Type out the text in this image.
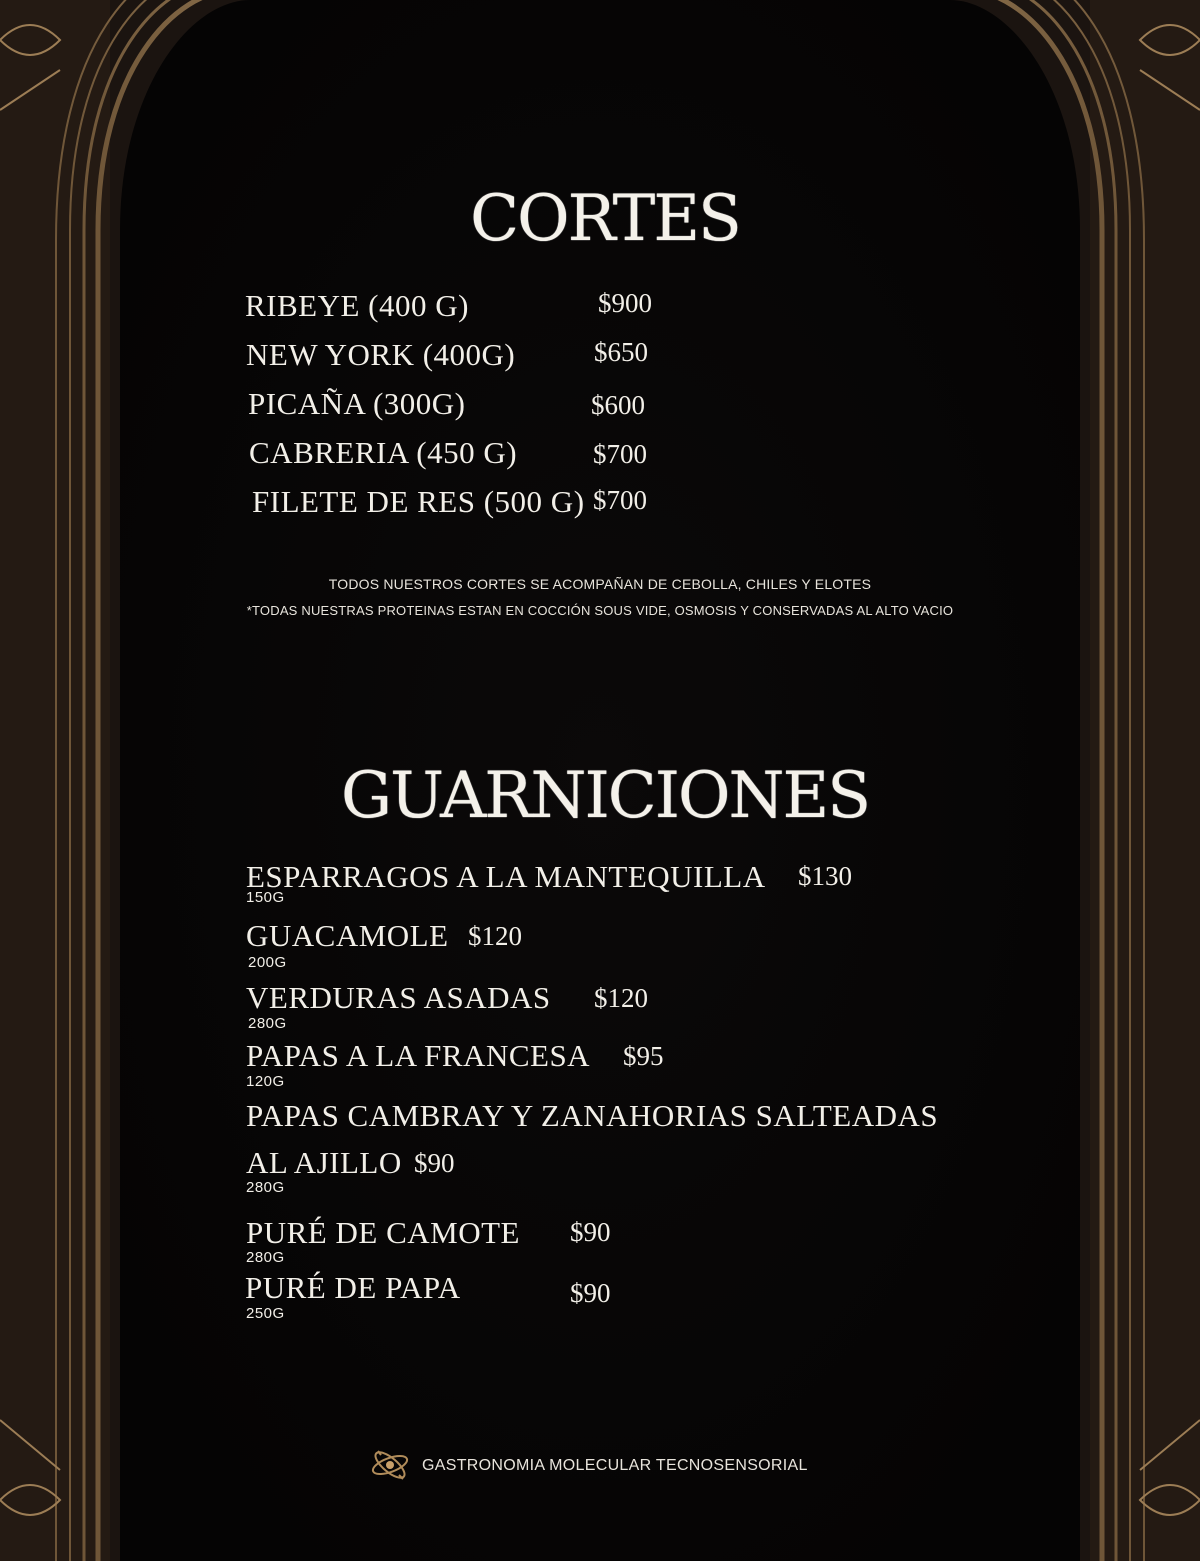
CORTES
RIBEYE (400 G)	$900
NEW YORK (400G)	$650
PICAÑA (300G)	$600
CABRERIA (450 G)	$700
FILETE DE RES (500 G) $700
TODOS NUESTROS CORTES SE ACOMPAÑAN DE CEBOLLA, CHILES Y ELOTES
*TODAS NUESTRAS PROTEINAS ESTAN EN COCCIÓN SOUS VIDE, OSMOSIS Y CONSERVADAS AL ALTO VACIO
GUARNICIONES
ESPARRAGOS A LA MANTEQUILLA $130
150G
GUACAMOLE $120
200G
VERDURAS ASADAS $120
280G
PAPAS A LA FRANCESA $95
120G
PAPAS CAMBRAY Y ZANAHORIAS SALTEADAS
AL AJILLO $90
280G
PURÉ DE CAMOTE $90
280G
PURÉ DE PAPA	$90
250G
GASTRONOMIA MOLECULAR TECNOSENSORIAL
